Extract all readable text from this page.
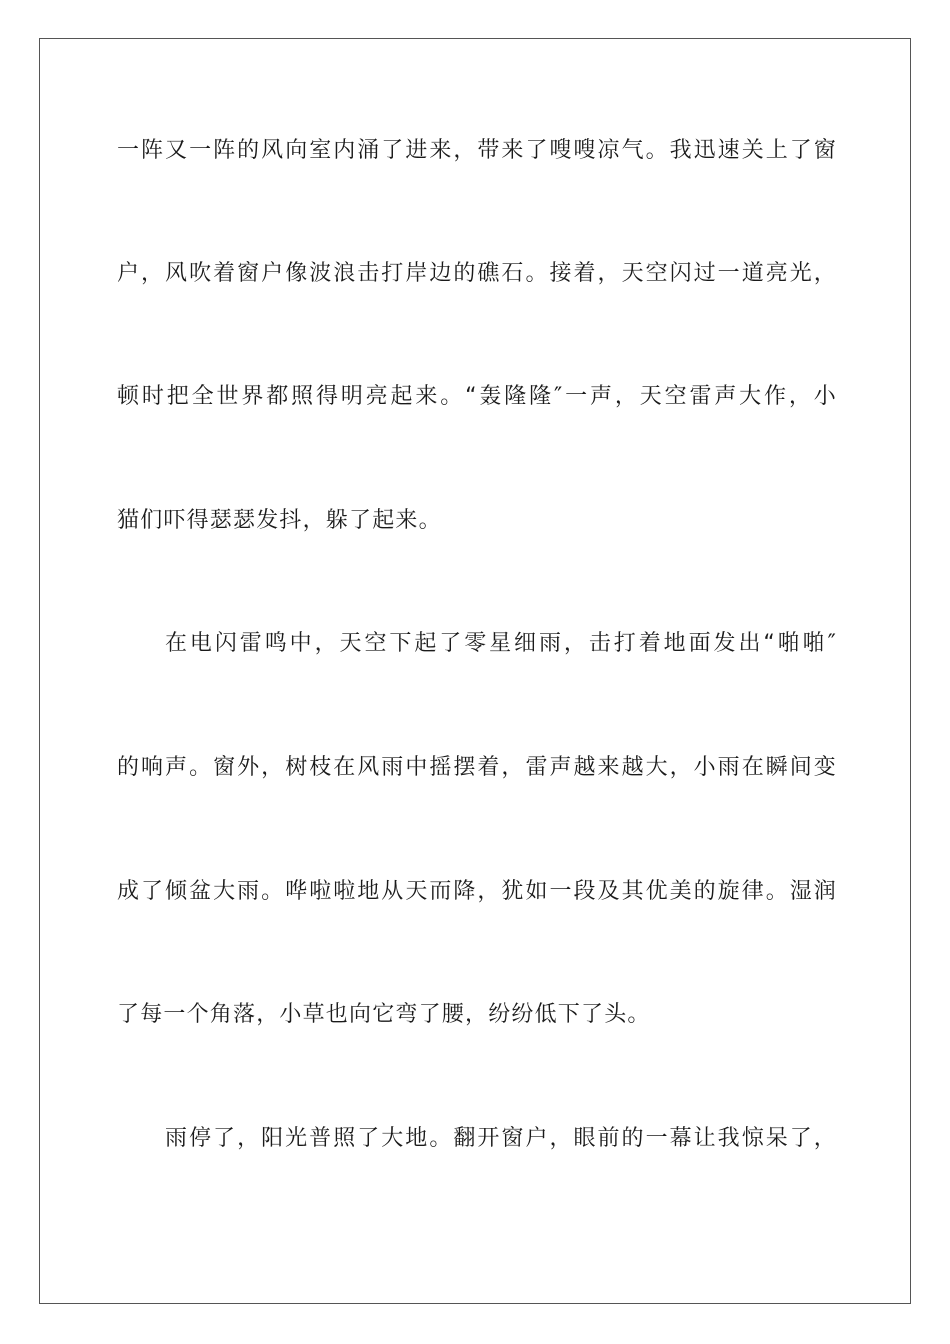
一阵又一阵的风向室内涌了进来，带来了嗖嗖凉气。我迅速关上了窗
户，风吹着窗户像波浪击打岸边的礁石。接着，天空闪过一道亮光，
顿时把全世界都照得明亮起来。“轰隆隆″一声，天空雷声大作，小
猫们吓得瑟瑟发抖，躲了起来。
在电闪雷鸣中，天空下起了零星细雨，击打着地面发出“啪啪″
的响声。窗外，树枝在风雨中摇摆着，雷声越来越大，小雨在瞬间变
成了倾盆大雨。哗啦啦地从天而降，犹如一段及其优美的旋律。湿润
了每一个角落，小草也向它弯了腰，纷纷低下了头。
雨停了，阳光普照了大地。翻开窗户，眼前的一幕让我惊呆了，
